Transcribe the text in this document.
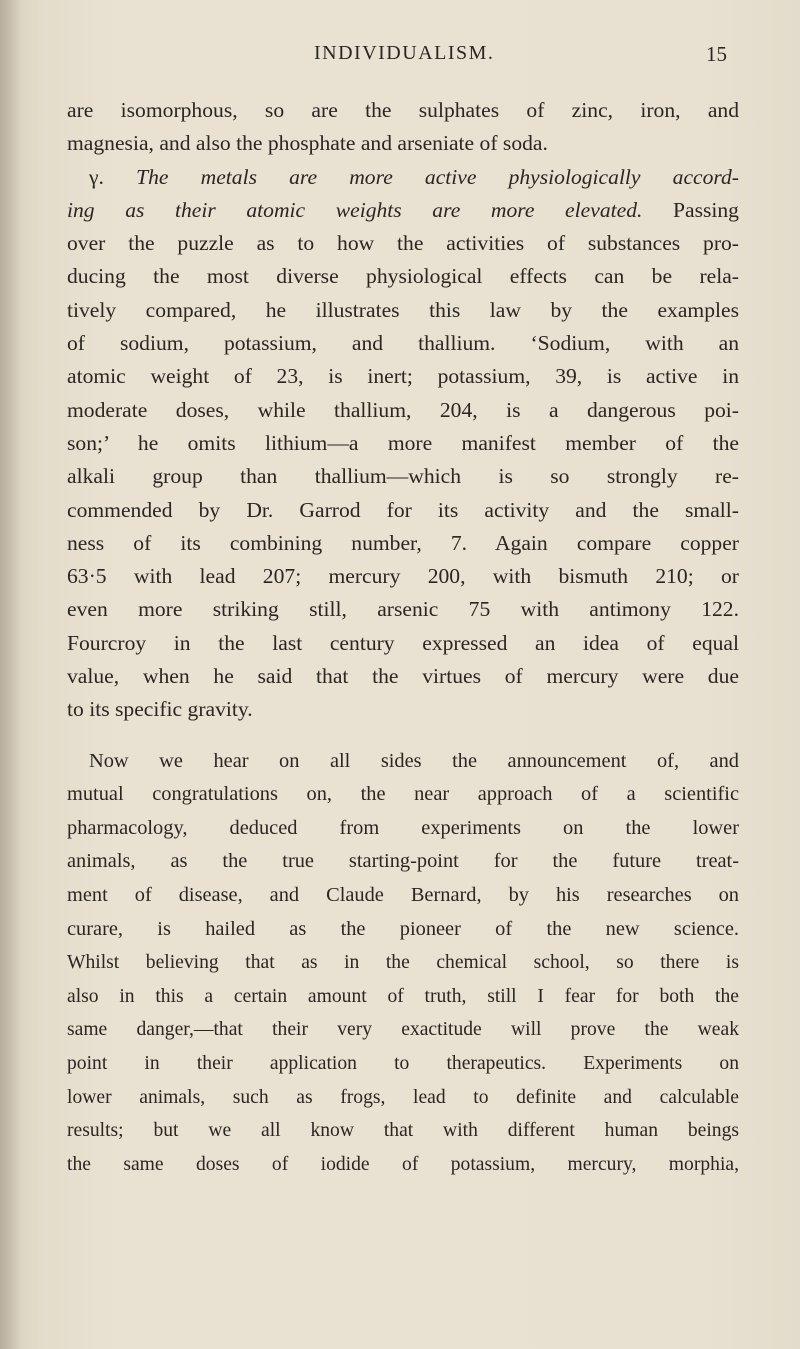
INDIVIDUALISM.	15

are isomorphous, so are the sulphates of zinc, iron, and
magnesia, and also the phosphate and arseniate of soda.
γ. The metals are more active physiologically accord-
ing as their atomic weights are more elevated. Passing
over the puzzle as to how the activities of substances pro-
ducing the most diverse physiological effects can be rela-
tively compared, he illustrates this law by the examples
of sodium, potassium, and thallium. ‘Sodium, with an
atomic weight of 23, is inert; potassium, 39, is active in
moderate doses, while thallium, 204, is a dangerous poi-
son;’ he omits lithium—a more manifest member of the
alkali group than thallium—which is so strongly re-
commended by Dr. Garrod for its activity and the small-
ness of its combining number, 7. Again compare copper
63·5 with lead 207; mercury 200, with bismuth 210; or
even more striking still, arsenic 75 with antimony 122.
Fourcroy in the last century expressed an idea of equal
value, when he said that the virtues of mercury were due
to its specific gravity.

Now we hear on all sides the announcement of, and
mutual congratulations on, the near approach of a scientific
pharmacology, deduced from experiments on the lower
animals, as the true starting-point for the future treat-
ment of disease, and Claude Bernard, by his researches on
curare, is hailed as the pioneer of the new science.
Whilst believing that as in the chemical school, so there is
also in this a certain amount of truth, still I fear for both the
same danger,—that their very exactitude will prove the weak
point in their application to therapeutics. Experiments on
lower animals, such as frogs, lead to definite and calculable
results; but we all know that with different human beings
the same doses of iodide of potassium, mercury, morphia,
